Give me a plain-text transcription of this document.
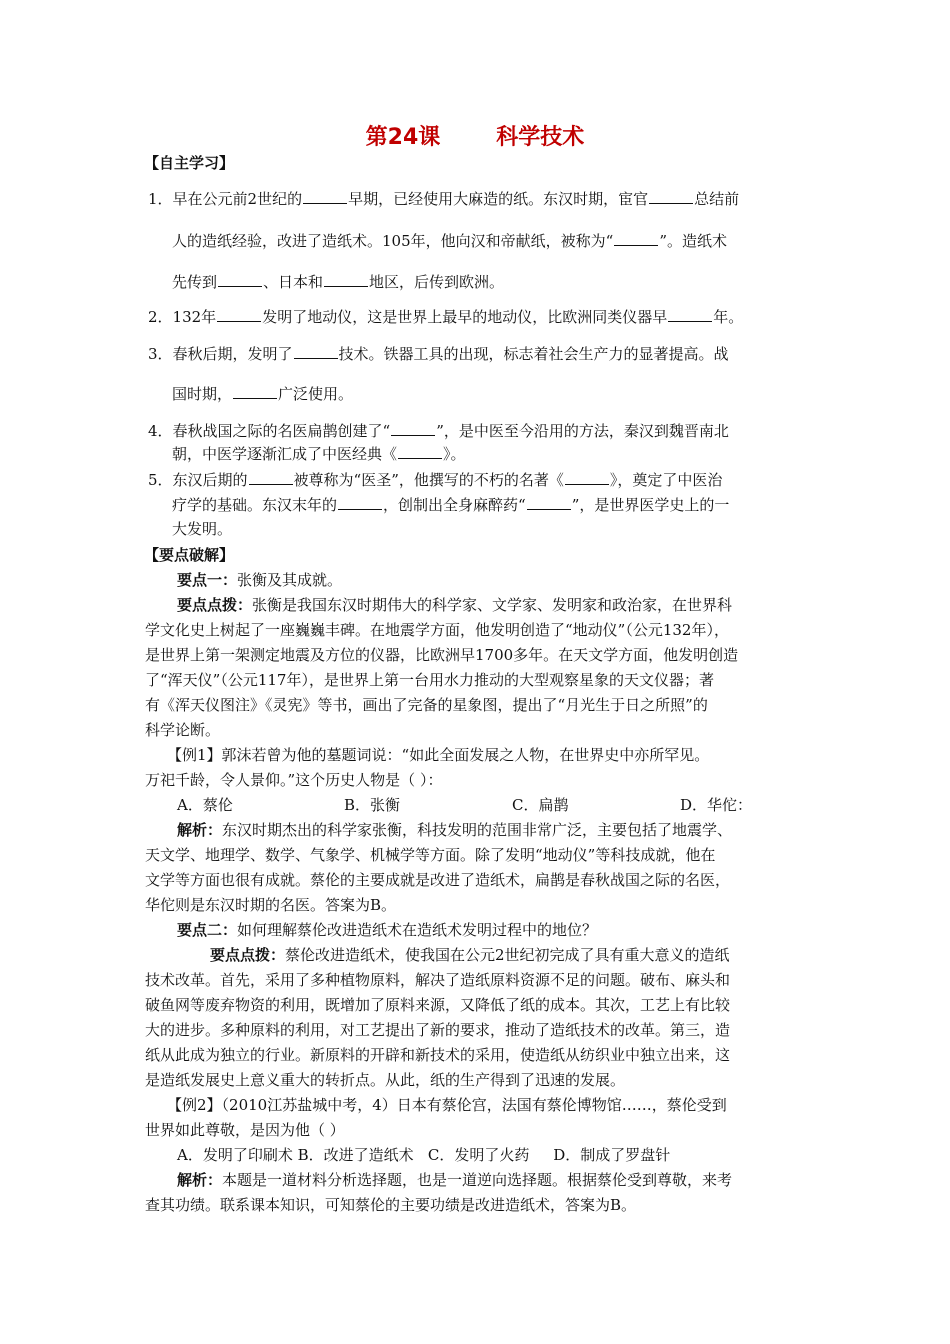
第24课	科学技术
【自主学习】
1．早在公元前2世纪的	早期，已经使用大麻造的纸。东汉时期，宦官	总结前
人的造纸经验，改进了造纸术。105年，他向汉和帝献纸，被称为“	”。造纸术
先传到	、日本和	地区，后传到欧洲。
2．132年	发明了地动仪，这是世界上最早的地动仪，比欧洲同类仪器早	年。
3．春秋后期，发明了	技术。铁器工具的出现，标志着社会生产力的显著提高。战
国时期，	广泛使用。
4．春秋战国之际的名医扁鹊创建了“	”，是中医至今沿用的方法，秦汉到魏晋南北
朝，中医学逐渐汇成了中医经典《	》。
5．东汉后期的	被尊称为“医圣”，他撰写的不朽的名著《	》，奠定了中医治
疗学的基础。东汉末年的	，创制出全身麻醉药“	”，是世界医学史上的一
大发明。
【要点破解】
要点一：张衡及其成就。
要点点拨：张衡是我国东汉时期伟大的科学家、文学家、发明家和政治家，在世界科
学文化史上树起了一座巍巍丰碑。在地震学方面，他发明创造了“地动仪”（公元132年），
是世界上第一架测定地震及方位的仪器，比欧洲早1700多年。在天文学方面，他发明创造
了“浑天仪”（公元117年），是世界上第一台用水力推动的大型观察星象的天文仪器；著
有《浑天仪图注》《灵宪》等书，画出了完备的星象图，提出了“月光生于日之所照”的
科学论断。
【例1】郭沫若曾为他的墓题词说：“如此全面发展之人物，在世界史中亦所罕见。
万祀千龄，令人景仰。”这个历史人物是（ ）：
A．蔡伦	B．张衡	C．扁鹊	D．华佗：
解析：东汉时期杰出的科学家张衡，科技发明的范围非常广泛，主要包括了地震学、
天文学、地理学、数学、气象学、机械学等方面。除了发明“地动仪”等科技成就，他在
文学等方面也很有成就。蔡伦的主要成就是改进了造纸术，扁鹊是春秋战国之际的名医，
华佗则是东汉时期的名医。答案为B。
要点二：如何理解蔡伦改进造纸术在造纸术发明过程中的地位？
要点点拨：蔡伦改进造纸术，使我国在公元2世纪初完成了具有重大意义的造纸
技术改革。首先，采用了多种植物原料，解决了造纸原料资源不足的问题。破布、麻头和
破鱼网等废弃物资的利用，既增加了原料来源，又降低了纸的成本。其次，工艺上有比较
大的进步。多种原料的利用，对工艺提出了新的要求，推动了造纸技术的改革。第三，造
纸从此成为独立的行业。新原料的开辟和新技术的采用，使造纸从纺织业中独立出来，这
是造纸发展史上意义重大的转折点。从此，纸的生产得到了迅速的发展。
【例2】（2010江苏盐城中考，4）日本有蔡伦宫，法国有蔡伦博物馆……，蔡伦受到
世界如此尊敬，是因为他（ ）
A．发明了印刷术 B．改进了造纸术   C．发明了火药     D．制成了罗盘针
解析：本题是一道材料分析选择题，也是一道逆向选择题。根据蔡伦受到尊敬，来考
查其功绩。联系课本知识，可知蔡伦的主要功绩是改进造纸术，答案为B。
